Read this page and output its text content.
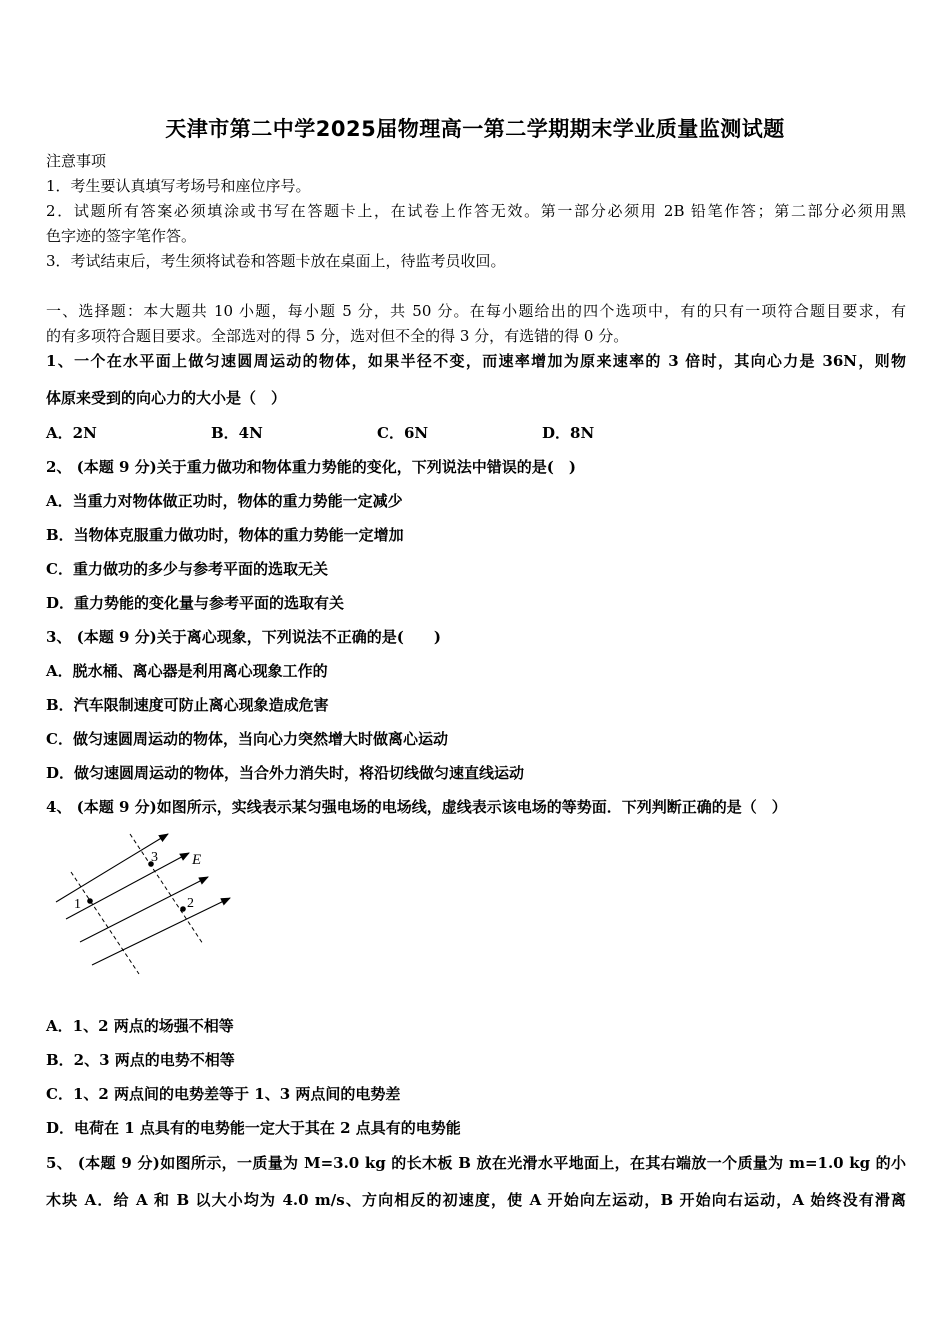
天津市第二中学2025届物理高一第二学期期末学业质量监测试题
注意事项
1．考生要认真填写考场号和座位序号。
2．试题所有答案必须填涂或书写在答题卡上，在试卷上作答无效。第一部分必须用 2B 铅笔作答；第二部分必须用黑
色字迹的签字笔作答。
3．考试结束后，考生须将试卷和答题卡放在桌面上，待监考员收回。
一、选择题：本大题共 10 小题，每小题 5 分，共 50 分。在每小题给出的四个选项中，有的只有一项符合题目要求，有
的有多项符合题目要求。全部选对的得 5 分，选对但不全的得 3 分，有选错的得 0 分。
1、一个在水平面上做匀速圆周运动的物体，如果半径不变，而速率增加为原来速率的 3 倍时，其向心力是 36N，则物
体原来受到的向心力的大小是（　）
A．2N	B．4N	C．6N	D．8N
2、 (本题 9 分)关于重力做功和物体重力势能的变化，下列说法中错误的是(　)
A．当重力对物体做正功时，物体的重力势能一定减少
B．当物体克服重力做功时，物体的重力势能一定增加
C．重力做功的多少与参考平面的选取无关
D．重力势能的变化量与参考平面的选取有关
3、 (本题 9 分)关于离心现象，下列说法不正确的是(　　)
A．脱水桶、离心器是利用离心现象工作的
B．汽车限制速度可防止离心现象造成危害
C．做匀速圆周运动的物体，当向心力突然增大时做离心运动
D．做匀速圆周运动的物体，当合外力消失时，将沿切线做匀速直线运动
4、 (本题 9 分)如图所示，实线表示某匀强电场的电场线，虚线表示该电场的等势面．下列判断正确的是（　）
1	2
3 E
A．1、2 两点的场强不相等
B．2、3 两点的电势不相等
C．1、2 两点间的电势差等于 1、3 两点间的电势差
D．电荷在 1 点具有的电势能一定大于其在 2 点具有的电势能
5、 (本题 9 分)如图所示，一质量为 M=3.0 kg 的长木板 B 放在光滑水平地面上，在其右端放一个质量为 m=1.0 kg 的小
木块 A．给 A 和 B 以大小均为 4.0 m/s、方向相反的初速度，使 A 开始向左运动，B 开始向右运动，A 始终没有滑离
